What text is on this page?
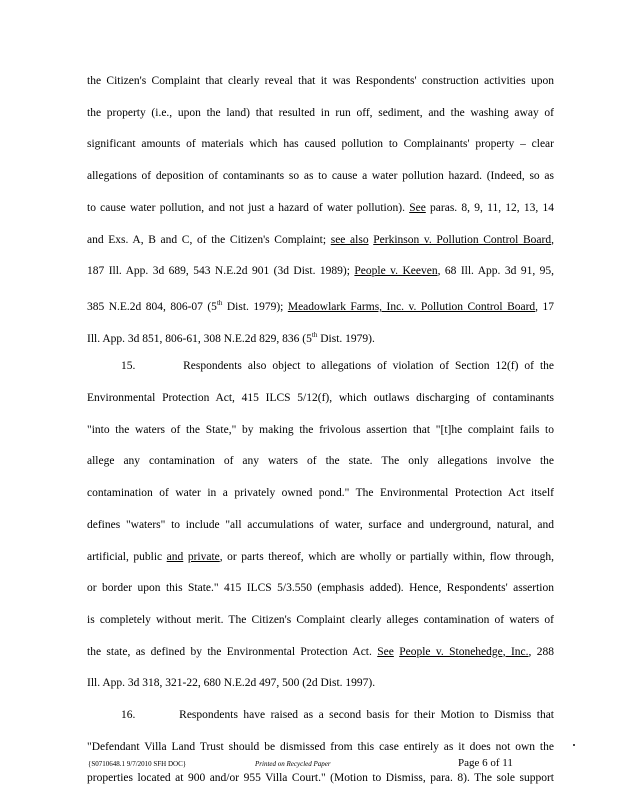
the Citizen's Complaint that clearly reveal that it was Respondents' construction activities upon
the property (i.e., upon the land) that resulted in run off, sediment, and the washing away of
significant amounts of materials which has caused pollution to Complainants' property – clear
allegations of deposition of contaminants so as to cause a water pollution hazard. (Indeed, so as
to cause water pollution, and not just a hazard of water pollution). See paras. 8, 9, 11, 12, 13, 14
and Exs. A, B and C, of the Citizen's Complaint; see also Perkinson v. Pollution Control Board,
187 Ill. App. 3d 689, 543 N.E.2d 901 (3d Dist. 1989); People v. Keeven, 68 Ill. App. 3d 91, 95,
385 N.E.2d 804, 806-07 (5th Dist. 1979); Meadowlark Farms, Inc. v. Pollution Control Board, 17
Ill. App. 3d 851, 806-61, 308 N.E.2d 829, 836 (5th Dist. 1979).
15.	Respondents also object to allegations of violation of Section 12(f) of the
Environmental Protection Act, 415 ILCS 5/12(f), which outlaws discharging of contaminants
"into the waters of the State," by making the frivolous assertion that "[t]he complaint fails to
allege any contamination of any waters of the state. The only allegations involve the
contamination of water in a privately owned pond." The Environmental Protection Act itself
defines "waters" to include "all accumulations of water, surface and underground, natural, and
artificial, public and private, or parts thereof, which are wholly or partially within, flow through,
or border upon this State." 415 ILCS 5/3.550 (emphasis added). Hence, Respondents' assertion
is completely without merit. The Citizen's Complaint clearly alleges contamination of waters of
the state, as defined by the Environmental Protection Act. See People v. Stonehedge, Inc., 288
Ill. App. 3d 318, 321-22, 680 N.E.2d 497, 500 (2d Dist. 1997).
16.	Respondents have raised as a second basis for their Motion to Dismiss that
"Defendant Villa Land Trust should be dismissed from this case entirely as it does not own the
properties located at 900 and/or 955 Villa Court." (Motion to Dismiss, para. 8). The sole support
{S0710648.1 9/7/2010 SFH DOC}	Printed on Recycled Paper	Page 6 of 11
